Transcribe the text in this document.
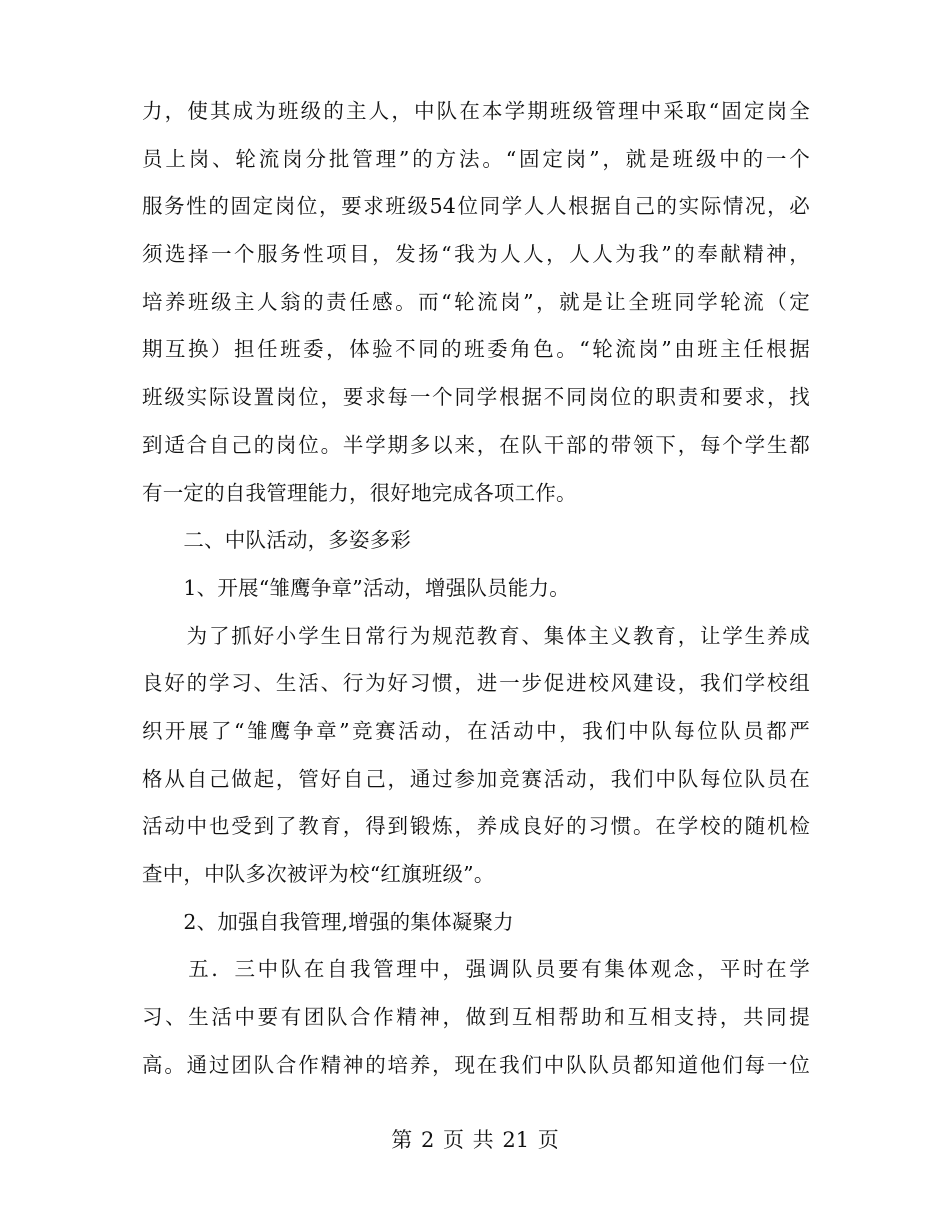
力，使其成为班级的主人，中队在本学期班级管理中采取“固定岗全
员上岗、轮流岗分批管理”的方法。“固定岗”，就是班级中的一个
服务性的固定岗位，要求班级54位同学人人根据自己的实际情况，必
须选择一个服务性项目，发扬“我为人人，人人为我”的奉献精神，
培养班级主人翁的责任感。而“轮流岗”，就是让全班同学轮流（定
期互换）担任班委，体验不同的班委角色。“轮流岗”由班主任根据
班级实际设置岗位，要求每一个同学根据不同岗位的职责和要求，找
到适合自己的岗位。半学期多以来，在队干部的带领下，每个学生都
有一定的自我管理能力，很好地完成各项工作。
　　二、中队活动，多姿多彩
　　1、开展“雏鹰争章”活动，增强队员能力。
　　为了抓好小学生日常行为规范教育、集体主义教育，让学生养成
良好的学习、生活、行为好习惯，进一步促进校风建设，我们学校组
织开展了“雏鹰争章”竞赛活动，在活动中，我们中队每位队员都严
格从自己做起，管好自己，通过参加竞赛活动，我们中队每位队员在
活动中也受到了教育，得到锻炼，养成良好的习惯。在学校的随机检
查中，中队多次被评为校“红旗班级”。
　　2、加强自我管理,增强的集体凝聚力
　　五．三中队在自我管理中，强调队员要有集体观念，平时在学
习、生活中要有团队合作精神，做到互相帮助和互相支持，共同提
高。通过团队合作精神的培养，现在我们中队队员都知道他们每一位
第 2 页 共 21 页
